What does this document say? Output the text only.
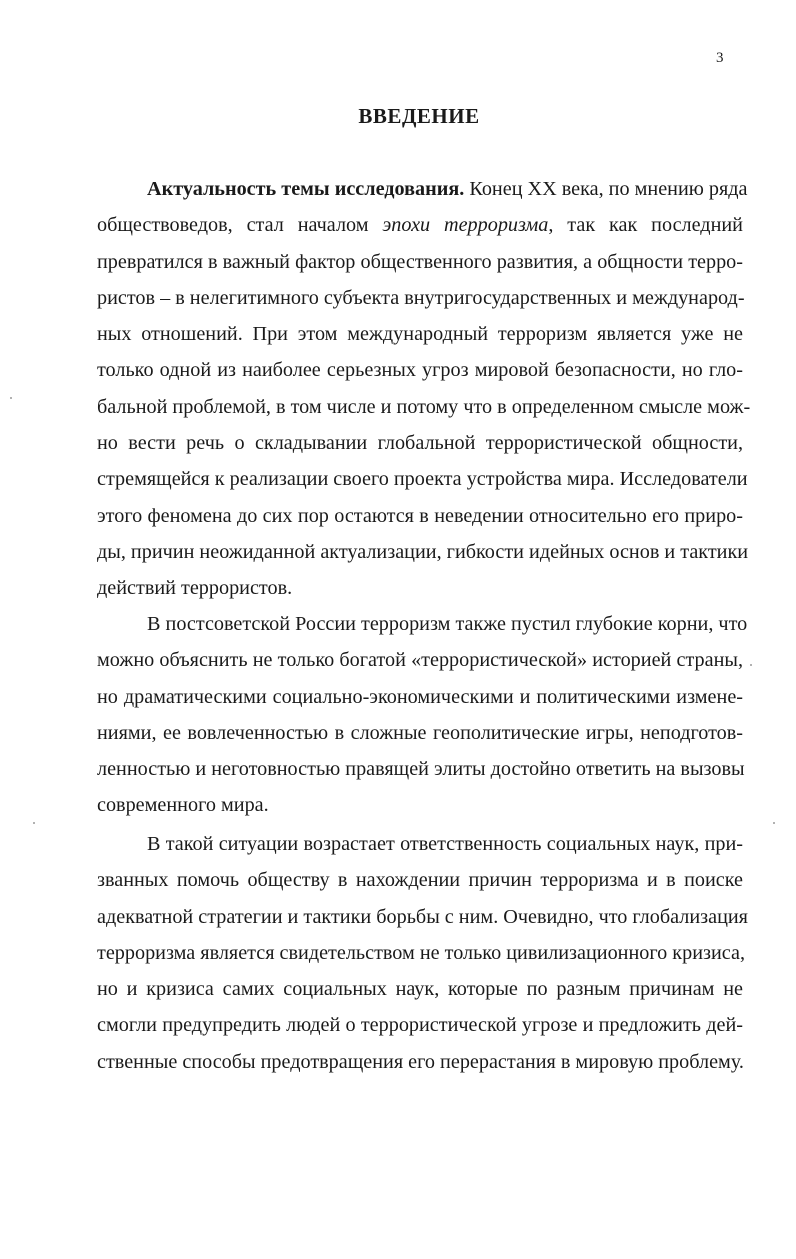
3
ВВЕДЕНИЕ
Актуальность темы исследования. Конец XX века, по мнению ряда
обществоведов, стал началом эпохи терроризма, так как последний
превратился в важный фактор общественного развития, а общности терро-
ристов – в нелегитимного субъекта внутригосударственных и международ-
ных отношений. При этом международный терроризм является уже не
только одной из наиболее серьезных угроз мировой безопасности, но гло-
бальной проблемой, в том числе и потому что в определенном смысле мож-
но вести речь о складывании глобальной террористической общности,
стремящейся к реализации своего проекта устройства мира. Исследователи
этого феномена до сих пор остаются в неведении относительно его приро-
ды, причин неожиданной актуализации, гибкости идейных основ и тактики
действий террористов.
В постсоветской России терроризм также пустил глубокие корни, что
можно объяснить не только богатой «террористической» историей страны,
но драматическими социально-экономическими и политическими измене-
ниями, ее вовлеченностью в сложные геополитические игры, неподготов-
ленностью и неготовностью правящей элиты достойно ответить на вызовы
современного мира.
В такой ситуации возрастает ответственность социальных наук, при-
званных помочь обществу в нахождении причин терроризма и в поиске
адекватной стратегии и тактики борьбы с ним. Очевидно, что глобализация
терроризма является свидетельством не только цивилизационного кризиса,
но и кризиса самих социальных наук, которые по разным причинам не
смогли предупредить людей о террористической угрозе и предложить дей-
ственные способы предотвращения его перерастания в мировую проблему.
